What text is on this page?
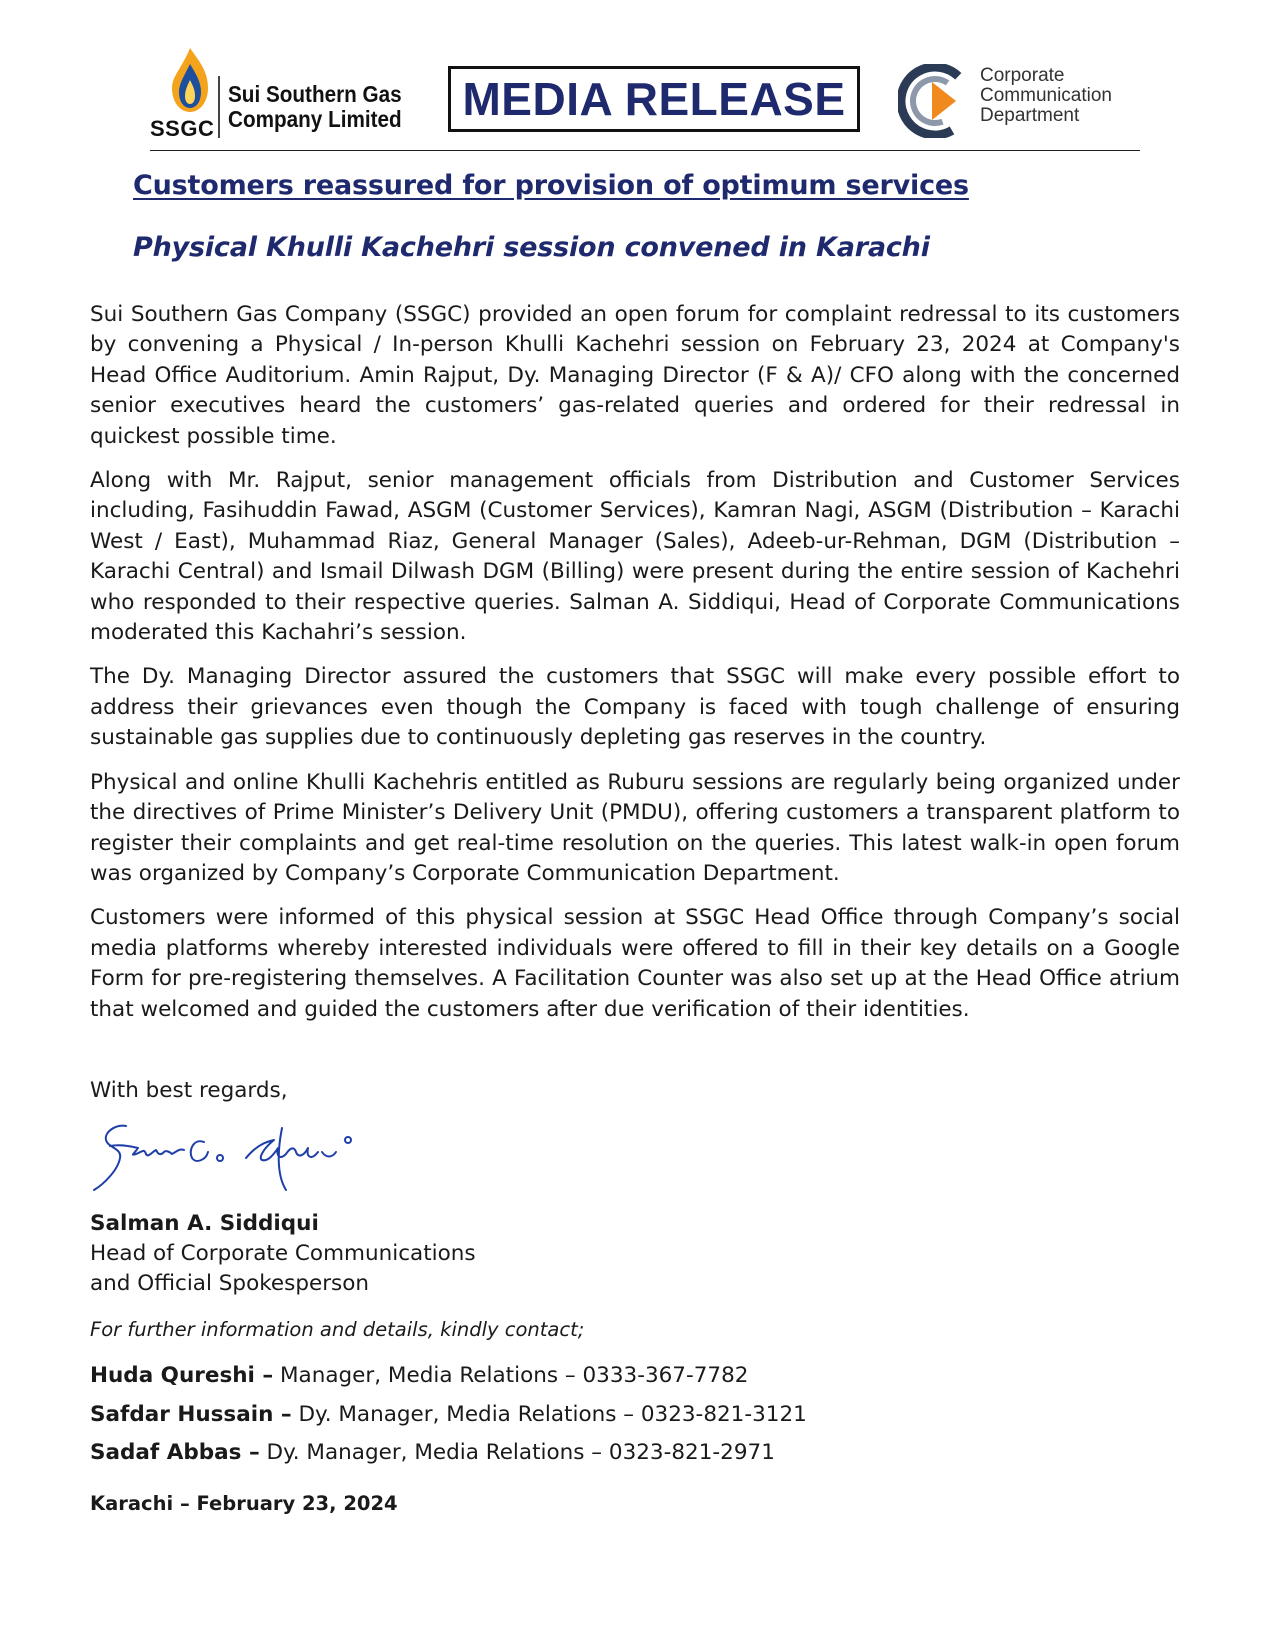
SSGC
Sui Southern Gas
Company Limited MEDIA RELEASE	Corporate
Communication
Department
Customers reassured for provision of optimum services
Physical Khulli Kachehri session convened in Karachi

Sui Southern Gas Company (SSGC) provided an open forum for complaint redressal to its customers by convening a Physical / In-person Khulli Kachehri session on February 23, 2024 at Company's Head Office Auditorium. Amin Rajput, Dy. Managing Director (F & A)/ CFO along with the concerned senior executives heard the customers’ gas-related queries and ordered for their redressal in quickest possible time.

Along with Mr. Rajput, senior management officials from Distribution and Customer Services including, Fasihuddin Fawad, ASGM (Customer Services), Kamran Nagi, ASGM (Distribution – Karachi West / East), Muhammad Riaz, General Manager (Sales), Adeeb-ur-Rehman, DGM (Distribution – Karachi Central) and Ismail Dilwash DGM (Billing) were present during the entire session of Kachehri who responded to their respective queries. Salman A. Siddiqui, Head of Corporate Communications moderated this Kachahri’s session.

The Dy. Managing Director assured the customers that SSGC will make every possible effort to address their grievances even though the Company is faced with tough challenge of ensuring sustainable gas supplies due to continuously depleting gas reserves in the country.

Physical and online Khulli Kachehris entitled as Ruburu sessions are regularly being organized under the directives of Prime Minister’s Delivery Unit (PMDU), offering customers a transparent platform to register their complaints and get real-time resolution on the queries. This latest walk-in open forum was organized by Company’s Corporate Communication Department.

Customers were informed of this physical session at SSGC Head Office through Company’s social media platforms whereby interested individuals were offered to fill in their key details on a Google Form for pre-registering themselves. A Facilitation Counter was also set up at the Head Office atrium that welcomed and guided the customers after due verification of their identities.

With best regards,
Salman A. Siddiqui
Head of Corporate Communications
and Official Spokesperson
For further information and details, kindly contact;
Huda Qureshi – Manager, Media Relations – 0333-367-7782
Safdar Hussain – Dy. Manager, Media Relations – 0323-821-3121
Sadaf Abbas – Dy. Manager, Media Relations – 0323-821-2971
Karachi – February 23, 2024
